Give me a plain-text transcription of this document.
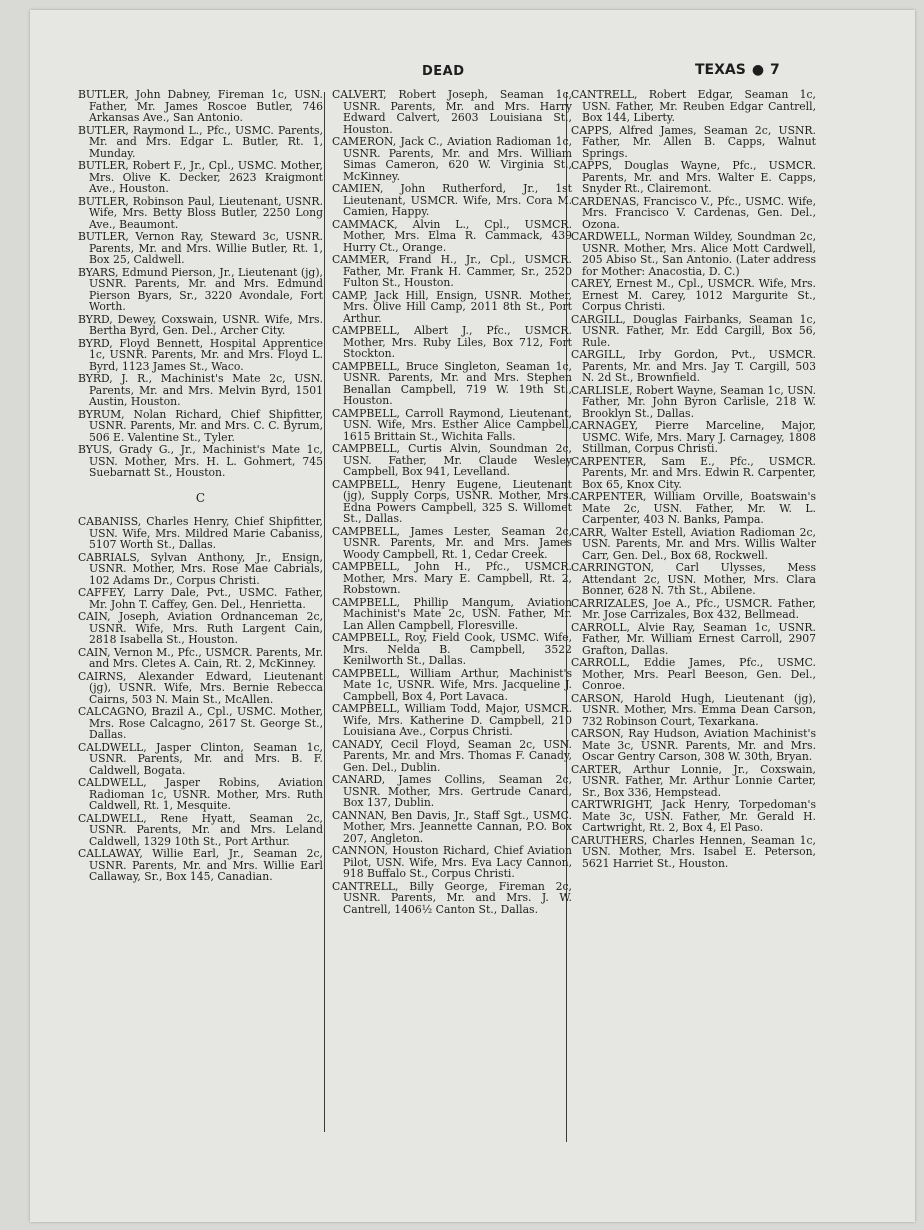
DEAD	TEXAS ● 7
BUTLER, John Dabney, Fireman 1c, USN. Father, Mr. James Roscoe Butler, 746 Arkansas Ave., San Antonio.
BUTLER, Raymond L., Pfc., USMC. Parents, Mr. and Mrs. Edgar L. Butler, Rt. 1, Munday.
BUTLER, Robert F., Jr., Cpl., USMC. Mother, Mrs. Olive K. Decker, 2623 Kraigmont Ave., Houston.
BUTLER, Robinson Paul, Lieutenant, USNR. Wife, Mrs. Betty Bloss Butler, 2250 Long Ave., Beaumont.
BUTLER, Vernon Ray, Steward 3c, USNR. Parents, Mr. and Mrs. Willie Butler, Rt. 1, Box 25, Caldwell.
BYARS, Edmund Pierson, Jr., Lieutenant (jg), USNR. Parents, Mr. and Mrs. Edmund Pierson Byars, Sr., 3220 Avondale, Fort Worth.
BYRD, Dewey, Coxswain, USNR. Wife, Mrs. Bertha Byrd, Gen. Del., Archer City.
BYRD, Floyd Bennett, Hospital Apprentice 1c, USNR. Parents, Mr. and Mrs. Floyd L. Byrd, 1123 James St., Waco.
BYRD, J. R., Machinist's Mate 2c, USN. Parents, Mr. and Mrs. Melvin Byrd, 1501 Austin, Houston.
BYRUM, Nolan Richard, Chief Shipfitter, USNR. Parents, Mr. and Mrs. C. C. Byrum, 506 E. Valentine St., Tyler.
BYUS, Grady G., Jr., Machinist's Mate 1c, USN. Mother, Mrs. H. L. Gohmert, 745 Suebarnatt St., Houston.
C
CABANISS, Charles Henry, Chief Shipfitter, USN. Wife, Mrs. Mildred Marie Cabaniss, 5107 Worth St., Dallas.
CABRIALS, Sylvan Anthony, Jr., Ensign, USNR. Mother, Mrs. Rose Mae Cabrials, 102 Adams Dr., Corpus Christi.
CAFFEY, Larry Dale, Pvt., USMC. Father, Mr. John T. Caffey, Gen. Del., Henrietta.
CAIN, Joseph, Aviation Ordnanceman 2c, USNR. Wife, Mrs. Ruth Largent Cain, 2818 Isabella St., Houston.
CAIN, Vernon M., Pfc., USMCR. Parents, Mr. and Mrs. Cletes A. Cain, Rt. 2, McKinney.
CAIRNS, Alexander Edward, Lieutenant (jg), USNR. Wife, Mrs. Bernie Rebecca Cairns, 503 N. Main St., McAllen.
CALCAGNO, Brazil A., Cpl., USMC. Mother, Mrs. Rose Calcagno, 2617 St. George St., Dallas.
CALDWELL, Jasper Clinton, Seaman 1c, USNR. Parents, Mr. and Mrs. B. F. Caldwell, Bogata.
CALDWELL, Jasper Robins, Aviation Radioman 1c, USNR. Mother, Mrs. Ruth Caldwell, Rt. 1, Mesquite.
CALDWELL, Rene Hyatt, Seaman 2c, USNR. Parents, Mr. and Mrs. Leland Caldwell, 1329 10th St., Port Arthur.
CALLAWAY, Willie Earl, Jr., Seaman 2c, USNR. Parents, Mr. and Mrs. Willie Earl Callaway, Sr., Box 145, Canadian.
CALVERT, Robert Joseph, Seaman 1c, USNR. Parents, Mr. and Mrs. Harry Edward Calvert, 2603 Louisiana St., Houston.
CAMERON, Jack C., Aviation Radioman 1c, USNR. Parents, Mr. and Mrs. William Simas Cameron, 620 W. Virginia St., McKinney.
CAMIEN, John Rutherford, Jr., 1st Lieutenant, USMCR. Wife, Mrs. Cora M. Camien, Happy.
CAMMACK, Alvin L., Cpl., USMCR. Mother, Mrs. Elma R. Cammack, 439 Hurry Ct., Orange.
CAMMER, Frand H., Jr., Cpl., USMCR. Father, Mr. Frank H. Cammer, Sr., 2520 Fulton St., Houston.
CAMP, Jack Hill, Ensign, USNR. Mother, Mrs. Olive Hill Camp, 2011 8th St., Port Arthur.
CAMPBELL, Albert J., Pfc., USMCR. Mother, Mrs. Ruby Liles, Box 712, Fort Stockton.
CAMPBELL, Bruce Singleton, Seaman 1c, USNR. Parents, Mr. and Mrs. Stephen Benallan Campbell, 719 W. 19th St., Houston.
CAMPBELL, Carroll Raymond, Lieutenant, USN. Wife, Mrs. Esther Alice Campbell, 1615 Brittain St., Wichita Falls.
CAMPBELL, Curtis Alvin, Soundman 2c, USN. Father, Mr. Claude Wesley Campbell, Box 941, Levelland.
CAMPBELL, Henry Eugene, Lieutenant (jg), Supply Corps, USNR. Mother, Mrs. Edna Powers Campbell, 325 S. Willomet St., Dallas.
CAMPBELL, James Lester, Seaman 2c, USNR. Parents, Mr. and Mrs. James Woody Campbell, Rt. 1, Cedar Creek.
CAMPBELL, John H., Pfc., USMCR. Mother, Mrs. Mary E. Campbell, Rt. 2, Robstown.
CAMPBELL, Phillip Mangum, Aviation Machinist's Mate 2c, USN. Father, Mr. Lan Allen Campbell, Floresville.
CAMPBELL, Roy, Field Cook, USMC. Wife, Mrs. Nelda B. Campbell, 3522 Kenilworth St., Dallas.
CAMPBELL, William Arthur, Machinist's Mate 1c, USNR. Wife, Mrs. Jacqueline J. Campbell, Box 4, Port Lavaca.
CAMPBELL, William Todd, Major, USMCR. Wife, Mrs. Katherine D. Campbell, 210 Louisiana Ave., Corpus Christi.
CANADY, Cecil Floyd, Seaman 2c, USN. Parents, Mr. and Mrs. Thomas F. Canady, Gen. Del., Dublin.
CANARD, James Collins, Seaman 2c, USNR. Mother, Mrs. Gertrude Canard, Box 137, Dublin.
CANNAN, Ben Davis, Jr., Staff Sgt., USMC. Mother, Mrs. Jeannette Cannan, P.O. Box 207, Angleton.
CANNON, Houston Richard, Chief Aviation Pilot, USN. Wife, Mrs. Eva Lacy Cannon, 918 Buffalo St., Corpus Christi.
CANTRELL, Billy George, Fireman 2c, USNR. Parents, Mr. and Mrs. J. W. Cantrell, 1406½ Canton St., Dallas.
CANTRELL, Robert Edgar, Seaman 1c, USN. Father, Mr. Reuben Edgar Cantrell, Box 144, Liberty.
CAPPS, Alfred James, Seaman 2c, USNR. Father, Mr. Allen B. Capps, Walnut Springs.
CAPPS, Douglas Wayne, Pfc., USMCR. Parents, Mr. and Mrs. Walter E. Capps, Snyder Rt., Clairemont.
CARDENAS, Francisco V., Pfc., USMC. Wife, Mrs. Francisco V. Cardenas, Gen. Del., Ozona.
CARDWELL, Norman Wildey, Soundman 2c, USNR. Mother, Mrs. Alice Mott Cardwell, 205 Abiso St., San Antonio. (Later address for Mother: Anacostia, D. C.)
CAREY, Ernest M., Cpl., USMCR. Wife, Mrs. Ernest M. Carey, 1012 Margurite St., Corpus Christi.
CARGILL, Douglas Fairbanks, Seaman 1c, USNR. Father, Mr. Edd Cargill, Box 56, Rule.
CARGILL, Irby Gordon, Pvt., USMCR. Parents, Mr. and Mrs. Jay T. Cargill, 503 N. 2d St., Brownfield.
CARLISLE, Robert Wayne, Seaman 1c, USN. Father, Mr. John Byron Carlisle, 218 W. Brooklyn St., Dallas.
CARNAGEY, Pierre Marceline, Major, USMC. Wife, Mrs. Mary J. Carnagey, 1808 Stillman, Corpus Christi.
CARPENTER, Sam E., Pfc., USMCR. Parents, Mr. and Mrs. Edwin R. Carpenter, Box 65, Knox City.
CARPENTER, William Orville, Boatswain's Mate 2c, USN. Father, Mr. W. L. Carpenter, 403 N. Banks, Pampa.
CARR, Walter Estell, Aviation Radioman 2c, USN. Parents, Mr. and Mrs. Willis Walter Carr, Gen. Del., Box 68, Rockwell.
CARRINGTON, Carl Ulysses, Mess Attendant 2c, USN. Mother, Mrs. Clara Bonner, 628 N. 7th St., Abilene.
CARRIZALES, Joe A., Pfc., USMCR. Father, Mr. Jose Carrizales, Box 432, Bellmead.
CARROLL, Alvie Ray, Seaman 1c, USNR. Father, Mr. William Ernest Carroll, 2907 Grafton, Dallas.
CARROLL, Eddie James, Pfc., USMC. Mother, Mrs. Pearl Beeson, Gen. Del., Conroe.
CARSON, Harold Hugh, Lieutenant (jg), USNR. Mother, Mrs. Emma Dean Carson, 732 Robinson Court, Texarkana.
CARSON, Ray Hudson, Aviation Machinist's Mate 3c, USNR. Parents, Mr. and Mrs. Oscar Gentry Carson, 308 W. 30th, Bryan.
CARTER, Arthur Lonnie, Jr., Coxswain, USNR. Father, Mr. Arthur Lonnie Carter, Sr., Box 336, Hempstead.
CARTWRIGHT, Jack Henry, Torpedoman's Mate 3c, USN. Father, Mr. Gerald H. Cartwright, Rt. 2, Box 4, El Paso.
CARUTHERS, Charles Hennen, Seaman 1c, USN. Mother, Mrs. Isabel E. Peterson, 5621 Harriet St., Houston.
